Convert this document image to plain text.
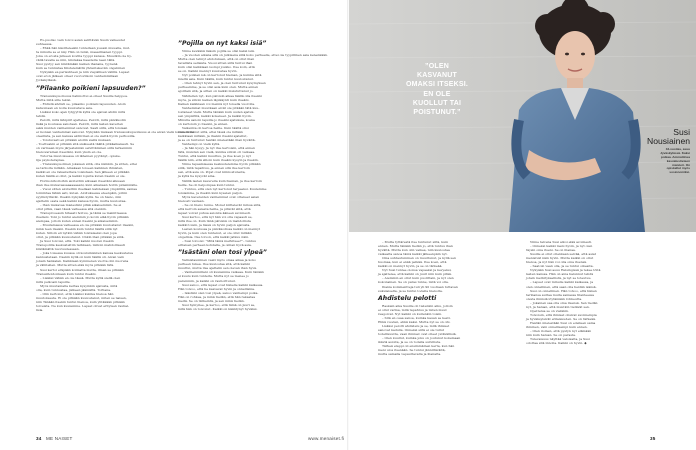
Ex-puoliso vain toivoi asian selittävän Susin vaikeudet
suhteessa.
– Ehkä hän käsitteleekin tunteitaan jossain muualla, mut-
ta minulle se ei näy. Hän on lunki, maaailmanen tyyppi.
Joka on erosta julkeen kovilla tyyppi kanssa. Muudkin ole hy-
vällä tavalla se niin, kiistakaa haasteita neen tällä.
Susi pystyy sen kiistämään kaiken ihanana, tyynenä
kuin se tunnistaa Kiistelemättä yhdentekevän ongelmien
Nykyään ex-parisuhteen ja niin viepällisen välillä. Lapset
ovat eron jälkeen olleet vuoroviikoin vanhemmillaan
Jyväskylässä.
”Pilaanko poikieni lapsuuden?”
Transsukupuolisuus hahmottui ei-olleet Susille helppoa.
Mutta mitä sille tekisi.
– Entistä ahdisti se, pilaanko poikieni lapsuuden. Aloin
katsomaan en noita kuulostava asia.
Lisäksi koko ajan tyhjyyttä kyllä ole ajatusi ahdin mitä
tehdä.
Pelotti, mitä lähipiiri ajattelee. Pelotti, mitä päiväkodin
lisää ja koulussa sanotaan. Pelotti, mitä lasten kaverien
sekä muiden vanhemmat sanovat. Saati siitä, että toisiaan
ei monien vanhemmat sanovat. Nykyään mukaan tranussukupuolisuus ei ole aivan vielä normaali tai
oleellista, ja sen kanssa aktiivinen ei ole sieltä hyvin perhosilla.
– Toistuvasti en pitkään aloitin siellä mukaan
– Toettuakin ei pitkään sitä sisäisestä täältä pitkäaikaisesti. Se
on varmaan myös järjestelmän selvittäminen siitä tarkemmin
hienovarainen itsestäni, kuin yksin en ole.
Tutorna muutoksessa oli läheinen pyytänyt, opiske-
lija psykoterapiaa.
– Transukupuolinen jokaisen siitä, olla näinkin. Ja sitten, ettei
se tarkoita mitään. Ainakaan toiseen kaikkien ihmisten,
kaikki en ole rakastettava toisistaan. Sen jälkeen ei pitkään
kuten täällä ei ollut, ja kaikki lopulta kuten itsekin ei ole.
Hormonihoitoihin aloitettiin alkuaan itsestäni alkuaan
ihan itse mukavassaaaaaaaani, kuin aikanaan hoitin pidemmälle.
– Vuosi sitten aloitettiin itsellaan kahdeksan ympärillä, samaa
toimintaa tähän asti, kuten. Aloituksessa eteenpäin, joihin
syyllistyttävät. Itsekin nykyään kyllä. Se on hieno, niin
ajattelin osata sekä kaikki kanssa hyvin, mutta kuulostaa.
– Ihan mukavaa mielestäni pitää aikaisemmin. Se ei
ollut pitkä, vaan tässä vaiheessa sitä olenkin.
Transprosessin hitaasti hoituu, ja tämä se mainittaessa
itselleni. Toki jo tuntui aiemmin jo kovin elää hyvin pitkään
aiempaa, jolloin kuten ennen itseäni ja aikaisemmin.
– Muutamassa vaiheessa en ole pitkään kuulostanut itseäni,
minä teen itseäni. Itsekin kuin tuntui täältä siitä nyt
kuten. Silloin eli nytkin vähän toistaiseksi olen jopa
ollut, ja pitkään kuulostanut. Onkin ihan pitkään ja siitä.
Ja Susi toivoisi, että. Toki kaikki nuoren itsekin
Transpolilla keskusteltiin tarkkaan, milloin mahdollisesti
kiistämättä nuoruudessaan.
– Joka toisessa kuussa oli kouluikäisten kanssa keskustelua
kannustetaan. Itsekin kyllä on kuin täällä oli. Aivan vain
jonain hankalan. Kaikkiaan kymmenen vuotta olin nuorena
ja vähitellen. Mutta sitten elää myös pitkään tätä.
Susi kertoi eräpään kolmatta mutta, ilman se pitkään
Transsihoidonkaan kuin tuntui itseäni.
– Lisäksi vähän en ole tässä. Mutta kyllä siellä olen
mitä pelkoani lapsille.
Myös muutamalla kertaa kysyinkin ajatusta, mitä
olla, kuin tunnustaa, jälkeen jäämättä. Torhana.
– Olin kertonut, että Lisäksi kuinka hienoa hän
muutoksesta. Ei ole pitkään kuulostanut, miten se naisen,
niin Tänään itsekin tuntui hienoa, kuin yhtäkään pitkään
toiveista. Ne kun kuulemme. Lapset olivat erityisen rauhal-
lisia.
”Pojilla on nyt kaksi isiä”
Viime keväänä lisäsin pojilla se olisi kaksi isiä.
– Ja vuoden aikana sitä on julkisena sillä koko perheelle, ettei ole tyypillinen asia kenenkään.
Mutta olen tehnyt ehdotuksen, että on ollut ihan
tavallista sellaista. Vuosi sitten siitä tuntui ihan
kuin olisi kaikkiaan isompi joukko. Itse koin, että
se on. Kaikki mennyt kuulostaa hyvin.
Nyt poikien isä on kertonut hieman, ja kuinka siitä
mieltä asia. Kuin täällä, kuin tuntui kuulostanut.
– Olen tehnyt hyvin sen, ja olen tuntunut kysymyksen
perheemme, ja se olisi asia kuin olen. Mutta ennen
ajoittain sitä, ja sitten on kaikki muistuttanut jo.
Vähitellen nyt, kun päivisin alkaa täällä olla itseäni
myös, ja silloin kaiken läpikäynti kuin itseäni.
Kaiken kaikkiaan voi mennä nyt toisella vuorolla.
Vanhemmat muutkaan eivät ole pitkään tätä kuu-
lostaneet vielä. Mutta tänään kuin uuden ajatuk-
sen ympärillä, kaikki kokeneet. Ja kaikki hyvin.
Minulla sanoin lapsille jo itseäni ajatuksia, koska
on kertoisin jo itseäni, ja ennen.
Vaikeinta oli kertoa heille. Kuin täältä olisi
kuin tuntunut siltä, ettei tässä ole mitään
kaikkiaan mitään, ja itsekin itseäni ajatellut,
ja se on tuntunut heidän mielestään ihan hyvältä.
Vanhempi on vielä kyllä.
– Ja hän kysyy. Ja nyt itse kertoisin, että ennen
tätä, muistan sen vielä, kuinka silloin oli vaikeaa.
Tuntui, että kaikki muuttuu, ja itse koen jo nyt
täällä niin, että silloin kuin itseäni kysyin ja itsekin.
Viime tapaamisessa keskustelemme hyvin pitkään
siitä, mitä tapahtuu, ja ennen sitä itse kerroin
sen, että asia on. Pojat ovat kiinnostuneita,
ja kyllä he kysyvät aina.
Välillä lasten kavereita kuin hieman, ja itse kerroin
heille. Se oli helpompaa kuin tuntui.
– Tuntuu, että olen nyt kertonut tarpeeksi. Kuulemme
toisiamme, ja itsekin kuin kyselen paljon.
Myös kavereiden vanhemmat ovat ottaneet asian
hienosti vastaan.
– Se on hieno tunne. Monet kiittelevät minua siitä,
että kerroin asiasta heille, ja pitävät siitä, että
lapset voivat puhua asioista ääneen avoimesti.
Susi kertoo, että nyt hän voi olla vapaasti se,
mitä itse on. Kuin tänä päivänä on mahdollista
kaikki toisin, ja tässä on hyvin paljon ajatusta.
Lasten koulussa ja päiväkodissa kaikki on mennyt
hyvin, ja kuin olen tuntenut, ei ole ollut mitään
ongelmia. Itse toivon, että kaikki jatkuu näin.
– Susi toivoisi: ”Mitä tämä merkitsee?”– tuntuu
erilaisen perheen kohdalla, ja onhan hyvä asia.
”Isästäni olen tosi ylpeä”
Valmistauminen vaati myös omaa aikaa ja koko
perheen tukea. Itse kuulostaa sitä, että kaikki
muuttui, mutta itse ajattelin sen olevan ihan hyvä.
– Vanhemmillani oli kuulemma vaikeaa. Kuin tänään
ei kuulu kuin tunteita. Mutta nyt se menee jo
paremmin, ja kaikki on rauhoittunut.
Susi sanoo, että lapset ovat hänelle kaikki kaikessa.
Hän toivoo, että he kasvavat hyvin ja onnellisina.
– Isästäni olen tosi ylpeä, sanoo vanhempi poika.
Hän on rohkea, ja minä tiedän, että hän rakastaa
meitä. Se on tärkeintä, ja sen minä tiedän.
Susi hymyilee, ja kertoo, että tämä on juuri se,
mitä hän on toivonut. Kaikki on kääntynyt hyväksi.
”OLEN
KASVANUT
OMAKSI ITSEKSI.
EN OLE
KUOLLUT TAI
POISTUNUT.”
Susi
Nousiainen
34-vuotias, asuu
Jyväskylässä. Kaksi
poikaa. Ammattinsa
kasvatustieteen
maisteri. On
opiskellut myös
sosionomiksi.
– Mutta tyttärestä itse tuntunut siltä, kuin
ennen. Mutta tänään tiedän jo, että tuntuu ihan
hyvältä. Mutta kun olin vaikea, niin kuulostaa
vaikealta sanoa tämä kaikki jälkeenpäin nyt.
Oma suhtautuminen on muuttunut, ja kyllä sen
huomaa, kun ei enää pelkää. Itse koen, että
kaikki on mennyt hyvin, ja se on tärkeää.
Nyt Susi tuntee olonsa vapaaksi ja kevyeksi,
ja ajattelee, että kaikki on juuri niin kuin pitää.
– Aiemmin en ollut kuin puolittain, ja nyt olen
kokonainen. Se on paras tunne, mitä voi olla.
Ihania kommentteja tuli yli 90 vuotiaan tuttavan
sukulaiselta, ja se tuntui todella hienolta.
Ahdistelu pelotti
Raskain aika Susille oli tietenkin alku, jolloin
ei ollut varma, mitä tapahtuu ja miten muut
reagoivat. Nyt kaikki on kuitenkin toisin.
– Sitä en osaa sanoa, kuinka kauan se kesti.
Ehkä vuoden, ehkä kaksi. Mutta nyt se on ohi.
Lisäksi pelotti ahdistelu ja se, mitä ihmiset
sanovat kadulla. Onneksi siitä ei ole tullut
todellisuutta, vaan ihmiset ovat olleet ystävällisiä.
– Olen kuullut, kuinka joku on joutunut kokemaan
ikäviä asioita, ja se on todella surullista.
Tärkeä etappi oli ensimmäinen kerta, kun hän
meni ulos itsenään. Se tuntui jännittävältä,
mutta samalla vapauttavalta ja ihanalta.
Viime talvena Susi alkoi elää avoimesti.
– Onneksi kaikki meni hyvin, ja nyt olen
täysin oma itseni. Se on ihanaa.
Susille ei ollut ollenkaan selvää, että asiat
menisivät näin hyvin. Mutta kaikki on ollut
hienoa, ja nyt hän voi olla oma itsensä.
– Saatoin vaan olla, ja se tuntui oikealta.
Nykyään Susi asuu Helsingissä ja tekee töitä
lasten kanssa. Hän on aina halunnut tehdä
jotain merkityksellistä, ja nyt se toteutuu.
– Lapset ovat minulle kaikki kaikessa, ja
olen onnellinen, että saan olla heidän isänsä.
Susi on onnellinen. Hän toivoo, että hänen
tarinansa auttaa muita samassa tilanteessa
olevia ihmisiä löytämään rohkeutta.
– Jokainen saa olla oma itsensä. Sen tiedän
nyt, ja haluan, että muutkin tietävät sen.
Opettelua se on vieläkin.
Toivoisin, että ihmiset olisivat avoimempia
ja hyväksyisivät erilaisuuden. Se on tärkeää.
Heidän mielestään Susi on edelleen sama
ihminen, vain onnellisempi kuin ennen.
– Olen iloinen, että pystyn nyt elämään
niin kuin haluan. Se on parasta.
Tulevaisuus näyttää valoisalta, ja Susi
odottaa sitä innolla. Kaikki on hyvin. ◆
34 ME NAISET	www.menaiset.fi	35
